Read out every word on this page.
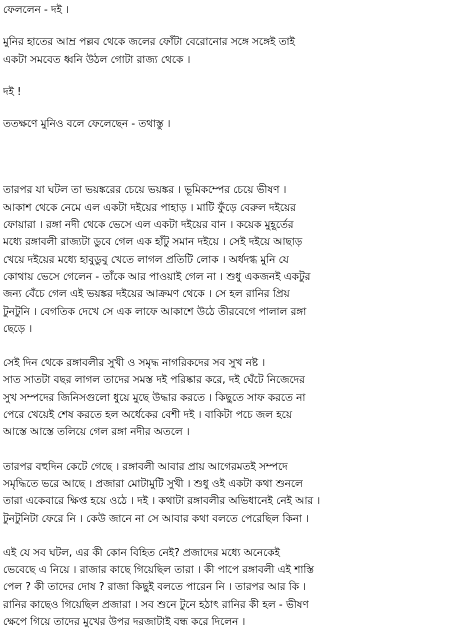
ফেললেন - দই ।
মুনির হাতের আম্র পল্লব থেকে জলের ফোঁটা বেরোনোর সঙ্গে সঙ্গেই তাই
একটা সমবেত ধ্বনি উঠল গোটা রাজ্য থেকে ।
দই !
ততক্ষণে মুনিও বলে ফেলেছেন - তথাস্তু ।
তারপর যা ঘটল তা ভয়ঙ্করের চেয়ে ভয়ঙ্কর । ভূমিকম্পের চেয়ে ভীষণ ।
আকাশ থেকে নেমে এল একটা দইয়ের পাহাড় । মাটি ফুঁড়ে বেরুল দইয়ের
ফোয়ারা । রঙ্গা নদী থেকে ভেসে এল একটা দইয়ের বান । কয়েক মুহূর্তের
মধ্যে রঙ্গাবলী রাজ্যটা ডুবে গেল এক হাঁটু সমান দইয়ে । সেই দইয়ে আছাড়
খেয়ে দইয়ের মধ্যে হাবুডুবু খেতে লাগল প্রতিটি লোক । অর্ধদগ্ধ মুনি যে
কোথায় ভেসে গেলেন - তাঁকে আর পাওয়াই গেল না । শুধু একজনই একটুর
জন্য বেঁচে গেল এই ভয়ঙ্কর দইয়ের আক্রমণ থেকে । সে হল রানির প্রিয়
টুনটুনি । বেগতিক দেখে সে এক লাফে আকাশে উঠে তীরবেগে পালাল রঙ্গা
ছেড়ে ।
সেই দিন থেকে রঙ্গাবলীর সুখী ও সমৃদ্ধ নাগরিকদের সব সুখ নষ্ট ।
সাত সাতটা বছর লাগল তাদের সমস্ত দই পরিষ্কার করে, দই ঘেঁটে নিজেদের
সুখ সম্পদের জিনিসগুলো ধুয়ে মুছে উদ্ধার করতে । কিছুতে সাফ করতে না
পেরে খেয়েই শেষ করতে হল অর্ধেকের বেশী দই । বাকিটা পচে জল হয়ে
আস্তে আস্তে তলিয়ে গেল রঙ্গা নদীর অতলে ।
তারপর বহুদিন কেটে গেছে । রঙ্গাবলী আবার প্রায় আগেরমতই সম্পদে
সমৃদ্ধিতে ভরে আছে । প্রজারা মোটামুটি সুখী । শুধু ওই একটা কথা শুনলে
তারা একেবারে ক্ষিপ্ত হয়ে ওঠে । দই । কথাটা রঙ্গাবলীর অভিধানেই নেই আর ।
টুনটুনিটা ফেরে নি । কেউ জানে না সে আবার কথা বলতে পেরেছিল কিনা ।
এই যে সব ঘটল, এর কী কোন বিহিত নেই? প্রজাদের মধ্যে অনেকেই
ভেবেছে এ নিয়ে । রাজার কাছে গিয়েছিল তারা । কী পাপে রঙ্গাবলী এই শাস্তি
পেল ? কী তাদের দোষ ? রাজা কিছুই বলতে পারেন নি । তারপর আর কি ।
রানির কাছেও গিয়েছিল প্রজারা । সব শুনে টুনে হঠাৎ রানির কী হল - ভীষণ
ক্ষেপে গিয়ে তাদের মুখের উপর দরজাটাই বন্ধ করে দিলেন ।
